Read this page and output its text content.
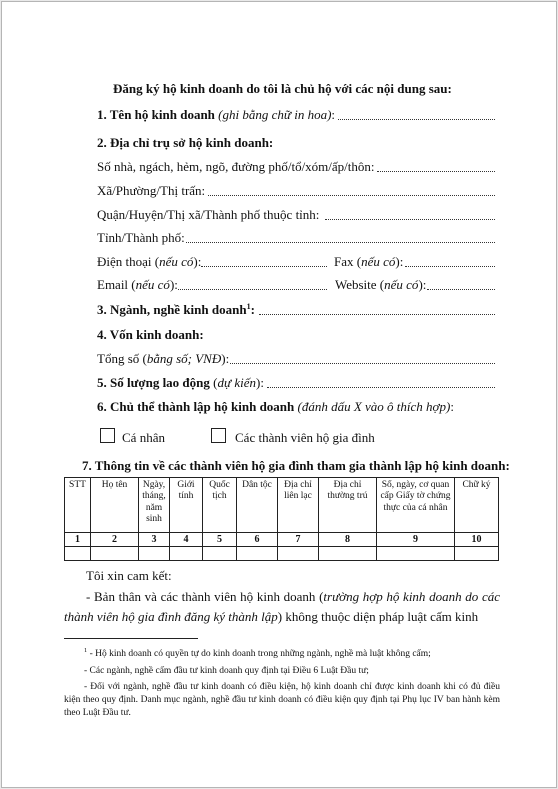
Đăng ký hộ kinh doanh do tôi là chủ hộ với các nội dung sau:
1. Tên hộ kinh doanh (ghi bằng chữ in hoa):
2. Địa chỉ trụ sở hộ kinh doanh:
Số nhà, ngách, hẻm, ngõ, đường phố/tổ/xóm/ấp/thôn:
Xã/Phường/Thị trấn:
Quận/Huyện/Thị xã/Thành phố thuộc tỉnh:
Tỉnh/Thành phố:
Điện thoại (nếu có):	Fax (nếu có):
Email (nếu có):	Website (nếu có):
3. Ngành, nghề kinh doanh$^1$:
4. Vốn kinh doanh:
Tổng số (bằng số; VNĐ):
5. Số lượng lao động (dự kiến):
6. Chủ thể thành lập hộ kinh doanh (đánh dấu X vào ô thích hợp):
Cá nhân	Các thành viên hộ gia đình
7. Thông tin về các thành viên hộ gia đình tham gia thành lập hộ kinh doanh:
STT	Họ tên	Ngày, tháng, năm sinh	Giới tính	Quốc tịch	Dân tộc	Địa chỉ liên lạc	Địa chỉ thường trú	Số, ngày, cơ quan cấp Giấy tờ chứng thực của cá nhân	Chữ ký
1	2	3	4	5	6	7	8	9	10

Tôi xin cam kết:
- Bản thân và các thành viên hộ kinh doanh (trường hợp hộ kinh doanh do các thành viên hộ gia đình đăng ký thành lập) không thuộc diện pháp luật cấm kinh
$^1$ - Hộ kinh doanh có quyền tự do kinh doanh trong những ngành, nghề mà luật không cấm;
- Các ngành, nghề cấm đầu tư kinh doanh quy định tại Điều 6 Luật Đầu tư;
- Đối với ngành, nghề đầu tư kinh doanh có điều kiện, hộ kinh doanh chỉ được kinh doanh khi có đủ điều kiện theo quy định. Danh mục ngành, nghề đầu tư kinh doanh có điều kiện quy định tại Phụ lục IV ban hành kèm theo Luật Đầu tư.
